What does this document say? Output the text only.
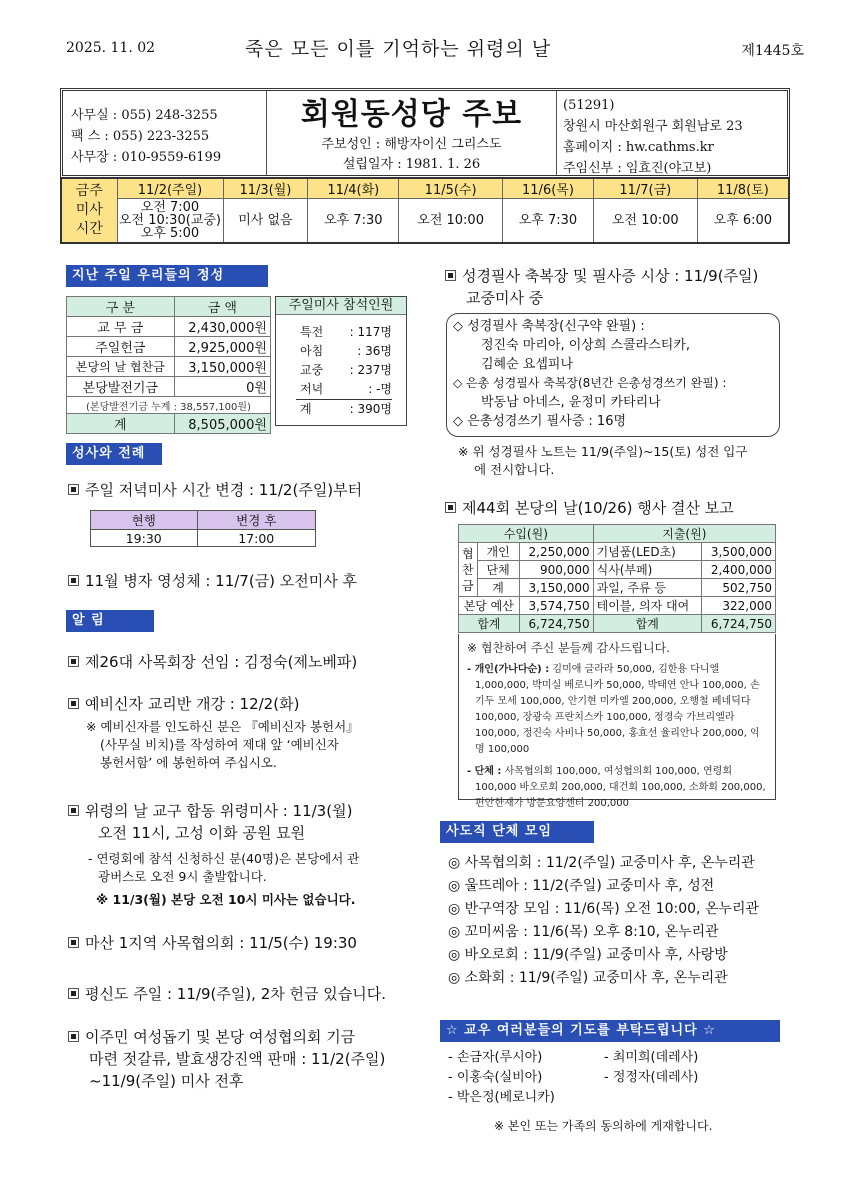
2025. 11. 02	죽은 모든 이를 기억하는 위령의 날	제1445호
사무실 : 055) 248-3255
팩 스 : 055) 223-3255
사무장 : 010-9559-6199
회원동성당 주보
주보성인 : 해방자이신 그리스도
설립일자 : 1981. 1. 26
(51291)
창원시 마산회원구 회원남로 23
홈페이지 : hw.cathms.kr
주임신부 : 임효진(야고보)
금주
미사
시간	11/2(주일)	11/3(월)	11/4(화)	11/5(수)	11/6(목)	11/7(금)	11/8(토)

	오전 7:00
오전 10:30(교중)
오후 5:00	미사 없음	오후 7:30	오전 10:00	오후 7:30	오전 10:00	오후 6:00
지난 주일 우리들의 정성
구 분	금 액
교 무 금	2,430,000원
주일헌금	2,925,000원
본당의 날 협찬금	3,150,000원
본당발전기금	0원
(본당발전기금 누계 : 38,557,100원)	
계	8,505,000원
주일미사 참석인원
특전	: 117명
아침	: 36명
교중	: 237명
저녁	: -명
계	: 390명
성사와 전례
주일 저녁미사 시간 변경 : 11/2(주일)부터
현행	변경 후
19:30	17:00
11월 병자 영성체 : 11/7(금) 오전미사 후
알 림
제26대 사목회장 선임 : 김정숙(제노베파)
예비신자 교리반 개강 : 12/2(화)
※ 예비신자를 인도하신 분은 『예비신자 봉헌서』
(사무실 비치)를 작성하여 제대 앞 ‘예비신자
봉헌서함’ 에 봉헌하여 주십시오.
위령의 날 교구 합동 위령미사 : 11/3(월)
오전 11시, 고성 이화 공원 묘원
- 연령회에 참석 신청하신 분(40명)은 본당에서 관
광버스로 오전 9시 출발합니다.
※ 11/3(월) 본당 오전 10시 미사는 없습니다.
마산 1지역 사목협의회 : 11/5(수) 19:30
평신도 주일 : 11/9(주일), 2차 헌금 있습니다.
이주민 여성돕기 및 본당 여성협의회 기금
마련 젓갈류, 발효생강진액 판매 : 11/2(주일)
~11/9(주일) 미사 전후
성경필사 축복장 및 필사증 시상 : 11/9(주일)
교중미사 중
◇ 성경필사 축복장(신구약 완필) :
정진숙 마리아, 이상희 스콜라스티카,
김혜순 요셉피나
◇ 은총 성경필사 축복장(8년간 은총성경쓰기 완필) :
박동남 아네스, 윤정미 카타리나
◇ 은총성경쓰기 필사증 : 16명
※ 위 성경필사 노트는 11/9(주일)~15(토) 성전 입구
에 전시합니다.
제44회 본당의 날(10/26) 행사 결산 보고
수입(원)			지출(원)	

협
찬
금	개인	2,250,000	기념품(LED초)	3,500,000
	단체	900,000	식사(부페)	2,400,000
	계	3,150,000	과일, 주류 등	502,750
본당 예산		3,574,750	테이블, 의자 대여	322,000
합계		6,724,750	합계	6,724,750
※ 협찬하여 주신 분들께 감사드립니다.
- 개인(가나다순) : 김미애 글라라 50,000, 김한용 다니엘 1,000,000, 박미실 베로니카 50,000, 박태연 안나 100,000, 손기두 모세 100,000, 안기현 미카엘 200,000, 오행철 베네딕다 100,000, 장광숙 프란치스카 100,000, 정경숙 가브리엘라 100,000, 정진숙 사비나 50,000, 홍효선 율리안나 200,000, 익명 100,000
- 단체 : 사목협의회 100,000, 여성협의회 100,000, 연령회 100,000 바오로회 200,000, 대건회 100,000, 소화회 200,000, 편안한재가 방문요양센터 200,000
사도직 단체 모임
◎ 사목협의회 : 11/2(주일) 교중미사 후, 온누리관
◎ 울뜨레아 : 11/2(주일) 교중미사 후, 성전
◎ 반구역장 모임 : 11/6(목) 오전 10:00, 온누리관
◎ 꼬미씨움 : 11/6(목) 오후 8:10, 온누리관
◎ 바오로회 : 11/9(주일) 교중미사 후, 사랑방
◎ 소화회 : 11/9(주일) 교중미사 후, 온누리관
☆ 교우 여러분들의 기도를 부탁드립니다 ☆
- 손금자(루시아)
- 이홍숙(실비아)
- 박은정(베로니카)
- 최미희(데레사)
- 정정자(데레사)
※ 본인 또는 가족의 동의하에 게재합니다.
